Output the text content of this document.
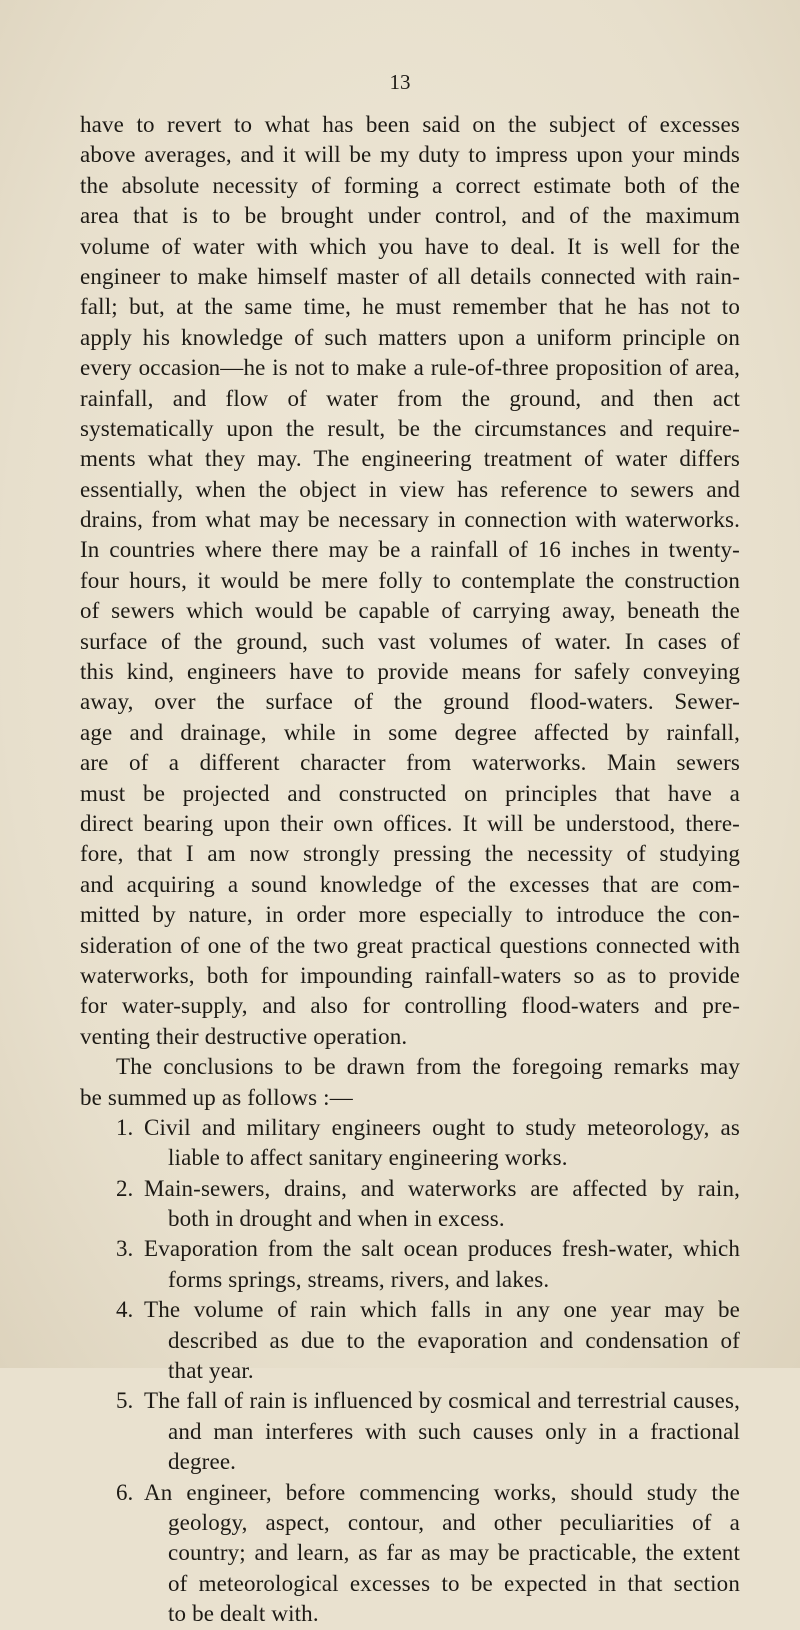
13
have to revert to what has been said on the subject of excesses
above averages, and it will be my duty to impress upon your minds
the absolute necessity of forming a correct estimate both of the
area that is to be brought under control, and of the maximum
volume of water with which you have to deal. It is well for the
engineer to make himself master of all details connected with rain-
fall; but, at the same time, he must remember that he has not to
apply his knowledge of such matters upon a uniform principle on
every occasion—he is not to make a rule-of-three proposition of area,
rainfall, and flow of water from the ground, and then act
systematically upon the result, be the circumstances and require-
ments what they may. The engineering treatment of water differs
essentially, when the object in view has reference to sewers and
drains, from what may be necessary in connection with waterworks.
In countries where there may be a rainfall of 16 inches in twenty-
four hours, it would be mere folly to contemplate the construction
of sewers which would be capable of carrying away, beneath the
surface of the ground, such vast volumes of water. In cases of
this kind, engineers have to provide means for safely conveying
away, over the surface of the ground flood-waters. Sewer-
age and drainage, while in some degree affected by rainfall,
are of a different character from waterworks. Main sewers
must be projected and constructed on principles that have a
direct bearing upon their own offices. It will be understood, there-
fore, that I am now strongly pressing the necessity of studying
and acquiring a sound knowledge of the excesses that are com-
mitted by nature, in order more especially to introduce the con-
sideration of one of the two great practical questions connected with
waterworks, both for impounding rainfall-waters so as to provide
for water-supply, and also for controlling flood-waters and pre-
venting their destructive operation.
The conclusions to be drawn from the foregoing remarks may
be summed up as follows :—
1. Civil and military engineers ought to study meteorology, as
liable to affect sanitary engineering works.
2. Main-sewers, drains, and waterworks are affected by rain,
both in drought and when in excess.
3. Evaporation from the salt ocean produces fresh-water, which
forms springs, streams, rivers, and lakes.
4. The volume of rain which falls in any one year may be
described as due to the evaporation and condensation of
that year.
5. The fall of rain is influenced by cosmical and terrestrial causes,
and man interferes with such causes only in a fractional
degree.
6. An engineer, before commencing works, should study the
geology, aspect, contour, and other peculiarities of a
country; and learn, as far as may be practicable, the extent
of meteorological excesses to be expected in that section
to be dealt with.
